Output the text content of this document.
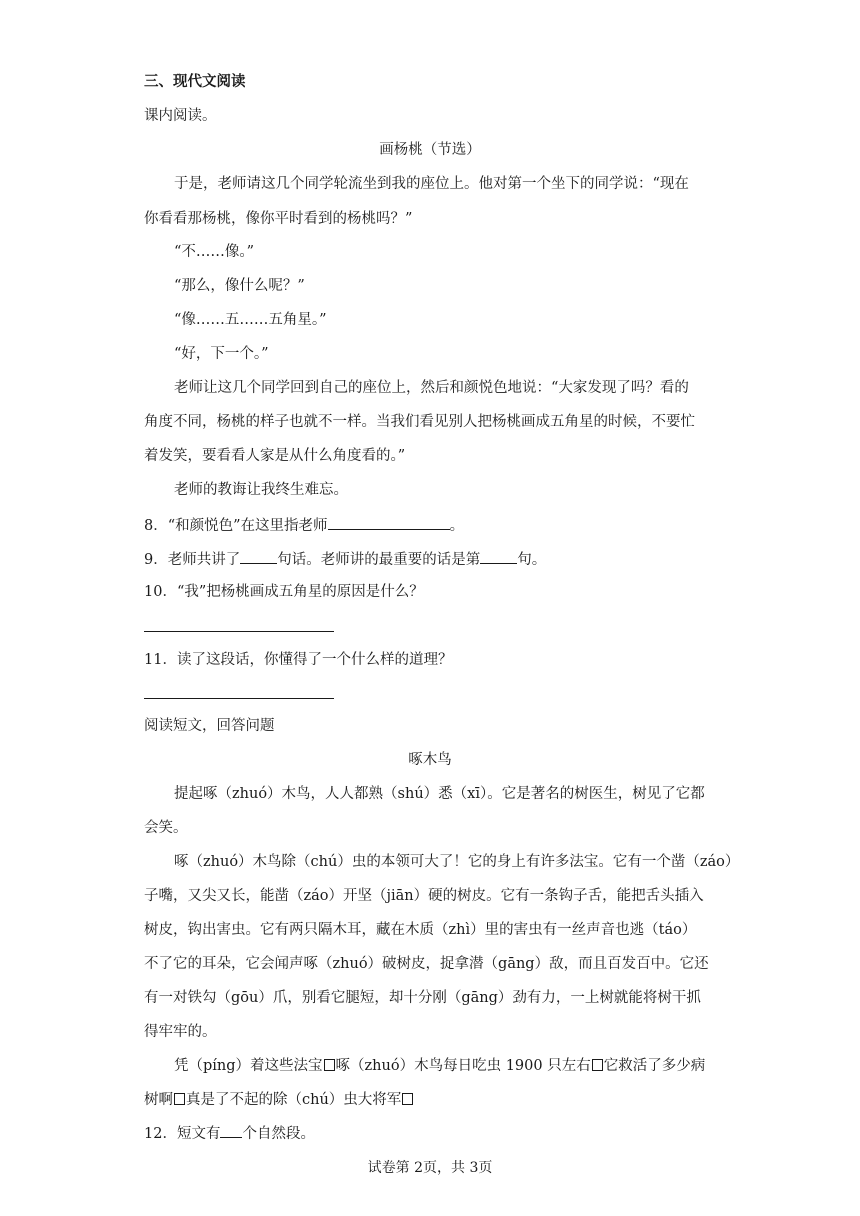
三、现代文阅读
课内阅读。
画杨桃（节选）
于是，老师请这几个同学轮流坐到我的座位上。他对第一个坐下的同学说：“现在
你看看那杨桃，像你平时看到的杨桃吗？”
“不……像。”
“那么，像什么呢？”
“像……五……五角星。”
“好，下一个。”
老师让这几个同学回到自己的座位上，然后和颜悦色地说：“大家发现了吗？看的
角度不同，杨桃的样子也就不一样。当我们看见别人把杨桃画成五角星的时候，不要忙
着发笑，要看看人家是从什么角度看的。”
老师的教诲让我终生难忘。
8．“和颜悦色”在这里指老师	。
9．老师共讲了	句话。老师讲的最重要的话是第	句。
10．“我”把杨桃画成五角星的原因是什么？
11．读了这段话，你懂得了一个什么样的道理？
阅读短文，回答问题
啄木鸟
提起啄（zhuó）木鸟，人人都熟（shú）悉（xī）。它是著名的树医生，树见了它都
会笑。
啄（zhuó）木鸟除（chú）虫的本领可大了！它的身上有许多法宝。它有一个凿（záo）
子嘴，又尖又长，能凿（záo）开坚（jiān）硬的树皮。它有一条钩子舌，能把舌头插入
树皮，钩出害虫。它有两只隔木耳，藏在木质（zhì）里的害虫有一丝声音也逃（táo）
不了它的耳朵，它会闻声啄（zhuó）破树皮，捉拿潜（gāng）敌，而且百发百中。它还
有一对铁勾（gōu）爪，别看它腿短，却十分刚（gāng）劲有力，一上树就能将树干抓
得牢牢的。
凭（píng）着这些法宝 啄（zhuó）木鸟每日吃虫 1900 只左右 它救活了多少病
树啊 真是了不起的除（chú）虫大将军
12．短文有 个自然段。
试卷第 2页，共 3页
